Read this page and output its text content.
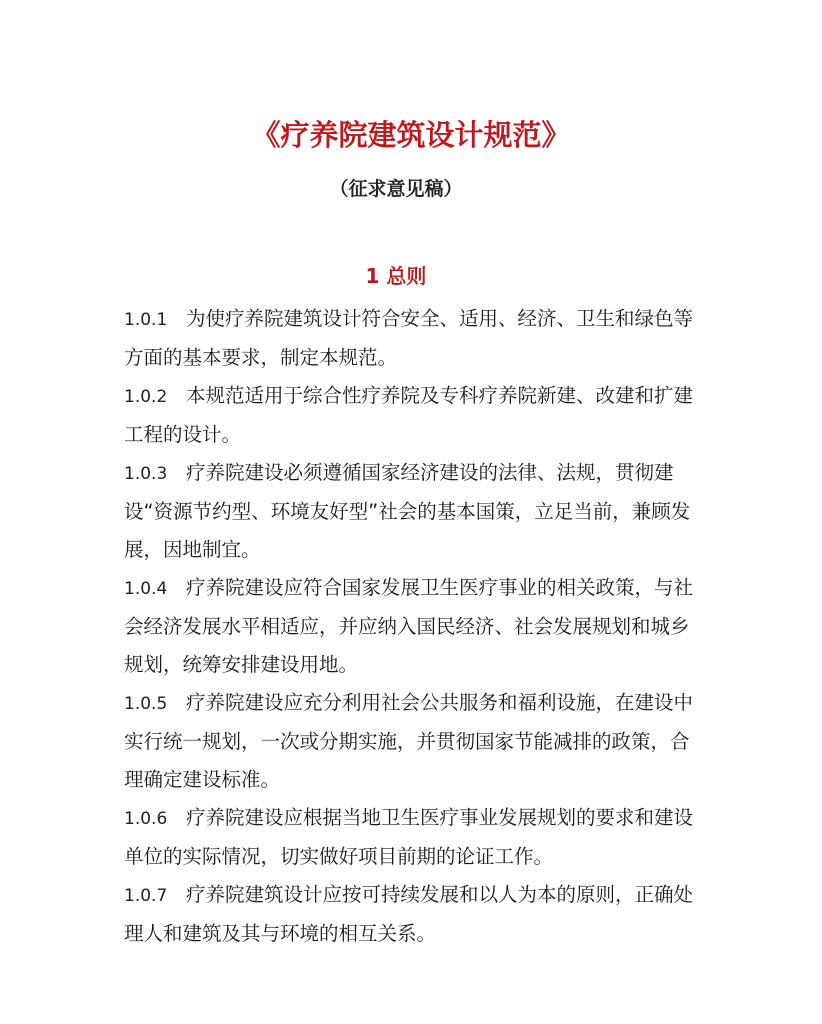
《疗养院建筑设计规范》
（征求意见稿）
1 总则
1.0.1 为使疗养院建筑设计符合安全、适用、经济、卫生和绿色等方面的基本要求，制定本规范。
1.0.2 本规范适用于综合性疗养院及专科疗养院新建、改建和扩建工程的设计。
1.0.3 疗养院建设必须遵循国家经济建设的法律、法规，贯彻建设“资源节约型、环境友好型”社会的基本国策，立足当前，兼顾发展，因地制宜。
1.0.4 疗养院建设应符合国家发展卫生医疗事业的相关政策，与社会经济发展水平相适应，并应纳入国民经济、社会发展规划和城乡规划，统筹安排建设用地。
1.0.5 疗养院建设应充分利用社会公共服务和福利设施，在建设中实行统一规划，一次或分期实施，并贯彻国家节能减排的政策，合理确定建设标准。
1.0.6 疗养院建设应根据当地卫生医疗事业发展规划的要求和建设单位的实际情况，切实做好项目前期的论证工作。
1.0.7 疗养院建筑设计应按可持续发展和以人为本的原则，正确处理人和建筑及其与环境的相互关系。
